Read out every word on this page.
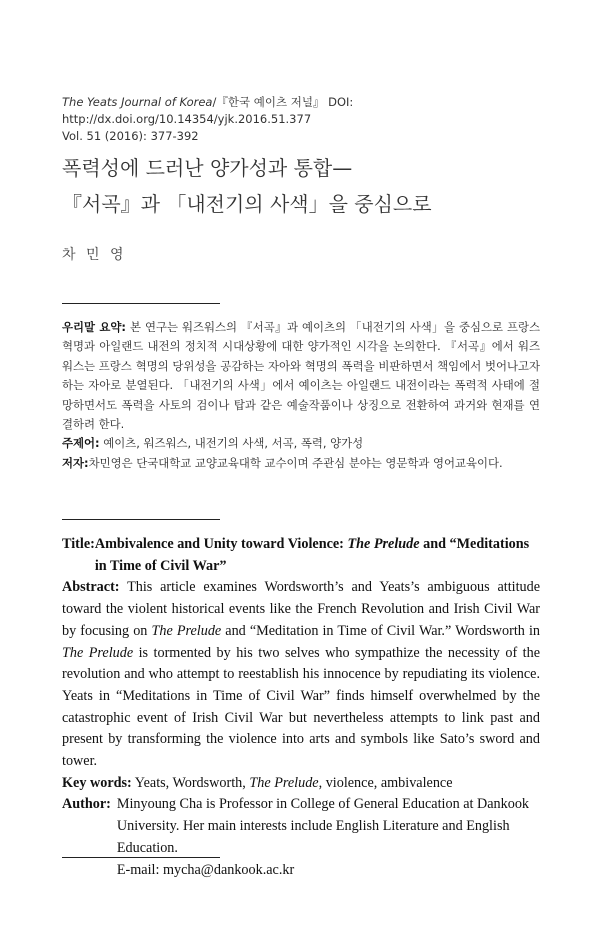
The Yeats Journal of Korea/『한국 예이츠 저널』 DOI: http://dx.doi.org/10.14354/yjk.2016.51.377
Vol. 51 (2016): 377-392
폭력성에 드러난 양가성과 통합—
『서곡』과 「내전기의 사색」을 중심으로
차 민 영

우리말 요약: 본 연구는 워즈워스의 『서곡』과 예이츠의 「내전기의 사색」을 중심으로 프랑스 혁명과 아일랜드 내전의 정치적 시대상황에 대한 양가적인 시각을 논의한다. 『서곡』에서 워즈워스는 프랑스 혁명의 당위성을 공감하는 자아와 혁명의 폭력을 비판하면서 책임에서 벗어나고자하는 자아로 분열된다. 「내전기의 사색」에서 예이츠는 아일랜드 내전이라는 폭력적 사태에 절망하면서도 폭력을 사토의 검이나 탑과 같은 예술작품이나 상징으로 전환하여 과거와 현재를 연결하려 한다.

주제어: 예이츠, 워즈워스, 내전기의 사색, 서곡, 폭력, 양가성

저자: 차민영은 단국대학교 교양교육대학 교수이며 주관심 분야는 영문학과 영어교육이다.
Title: Ambivalence and Unity toward Violence: The Prelude and “Meditations in Time of Civil War”

Abstract: This article examines Wordsworth’s and Yeats’s ambiguous attitude toward the violent historical events like the French Revolution and Irish Civil War by focusing on The Prelude and “Meditation in Time of Civil War.” Wordsworth in The Prelude is tormented by his two selves who sympathize the necessity of the revolution and who attempt to reestablish his innocence by repudiating its violence. Yeats in “Meditations in Time of Civil War” finds himself overwhelmed by the catastrophic event of Irish Civil War but nevertheless attempts to link past and present by transforming the violence into arts and symbols like Sato’s sword and tower.

Key words: Yeats, Wordsworth, The Prelude, violence, ambivalence

Author: Minyoung Cha is Professor in College of General Education at Dankook University. Her main interests include English Literature and English Education.
E-mail: mycha@dankook.ac.kr
